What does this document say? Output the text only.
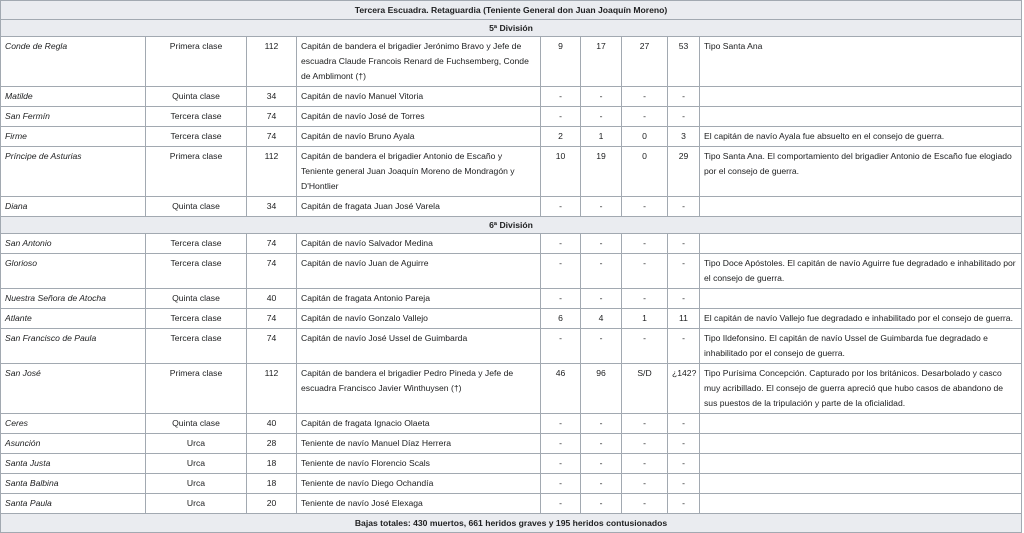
Tercera Escuadra. Retaguardia (Teniente General don Juan Joaquín Moreno)								
5ª División								
Conde de Regla	Primera clase	112	Capitán de bandera el brigadier Jerónimo Bravo y Jefe de escuadra Claude Francois Renard de Fuchsemberg, Conde de Amblimont (†)	9	17	27	53	Tipo Santa Ana
Matilde	Quinta clase	34	Capitán de navío Manuel Vitoria	-	-	-	-	
San Fermín	Tercera clase	74	Capitán de navío José de Torres	-	-	-	-	
Firme	Tercera clase	74	Capitán de navío Bruno Ayala	2	1	0	3	El capitán de navío Ayala fue absuelto en el consejo de guerra.
Príncipe de Asturias	Primera clase	112	Capitán de bandera el brigadier Antonio de Escaño y Teniente general Juan Joaquín Moreno de Mondragón y D'Hontlier	10	19	0	29	Tipo Santa Ana. El comportamiento del brigadier Antonio de Escaño fue elogiado por el consejo de guerra.
Diana	Quinta clase	34	Capitán de fragata Juan José Varela	-	-	-	-	
6ª División								
San Antonio	Tercera clase	74	Capitán de navío Salvador Medina	-	-	-	-	
Glorioso	Tercera clase	74	Capitán de navío Juan de Aguirre	-	-	-	-	Tipo Doce Apóstoles. El capitán de navío Aguirre fue degradado e inhabilitado por el consejo de guerra.
Nuestra Señora de Atocha	Quinta clase	40	Capitán de fragata Antonio Pareja	-	-	-	-	
Atlante	Tercera clase	74	Capitán de navío Gonzalo Vallejo	6	4	1	11	El capitán de navío Vallejo fue degradado e inhabilitado por el consejo de guerra.
San Francisco de Paula	Tercera clase	74	Capitán de navío José Ussel de Guimbarda	-	-	-	-	Tipo Ildefonsino. El capitán de navío Ussel de Guimbarda fue degradado e inhabilitado por el consejo de guerra.
San José	Primera clase	112	Capitán de bandera el brigadier Pedro Pineda y Jefe de escuadra Francisco Javier Winthuysen (†)	46	96	S/D	¿142?	Tipo Purísima Concepción. Capturado por los británicos. Desarbolado y casco muy acribillado. El consejo de guerra apreció que hubo casos de abandono de sus puestos de la tripulación y parte de la oficialidad.
Ceres	Quinta clase	40	Capitán de fragata Ignacio Olaeta	-	-	-	-	
Asunción	Urca	28	Teniente de navío Manuel Díaz Herrera	-	-	-	-	
Santa Justa	Urca	18	Teniente de navío Florencio Scals	-	-	-	-	
Santa Balbina	Urca	18	Teniente de navío Diego Ochandía	-	-	-	-	
Santa Paula	Urca	20	Teniente de navío José Elexaga	-	-	-	-	
Bajas totales: 430 muertos, 661 heridos graves y 195 heridos contusionados								
